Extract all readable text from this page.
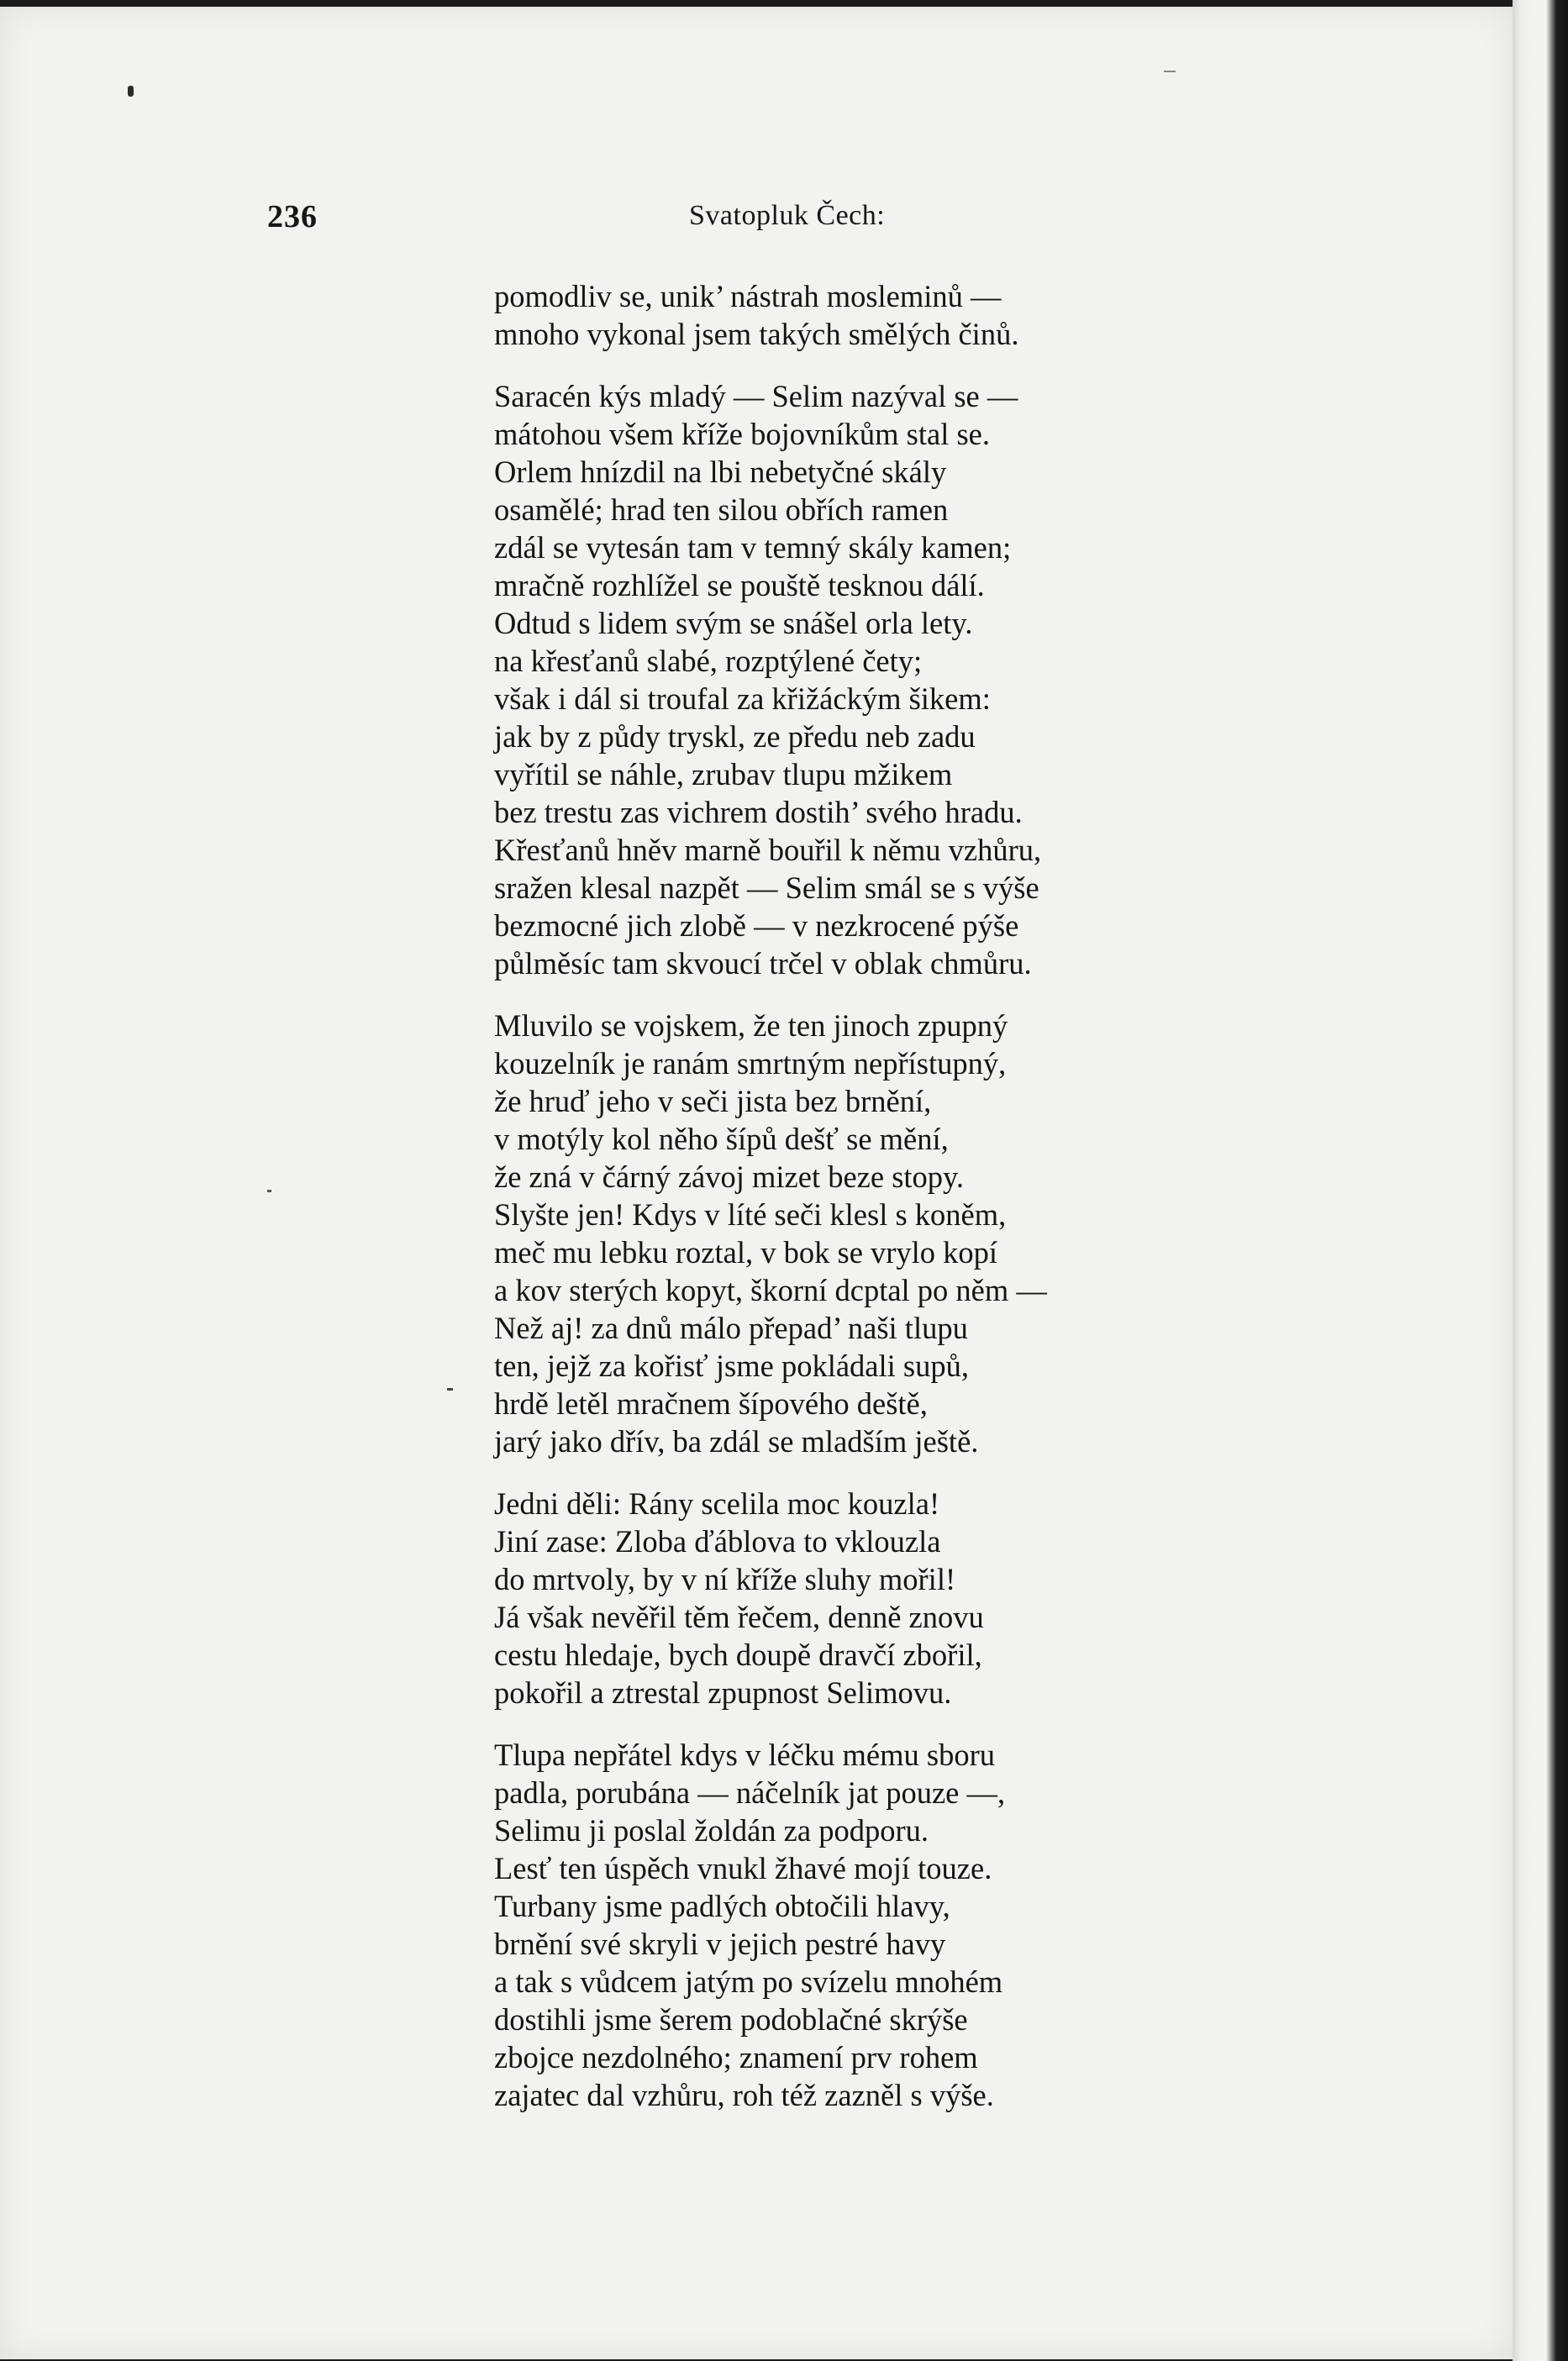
236	Svatopluk Čech:
pomodliv se, unik’ nástrah mosleminů —
mnoho vykonal jsem takých smělých činů.
Saracén kýs mladý — Selim nazýval se —
mátohou všem kříže bojovníkům stal se.
Orlem hnízdil na lbi nebetyčné skály
osamělé; hrad ten silou obřích ramen
zdál se vytesán tam v temný skály kamen;
mračně rozhlížel se pouště tesknou dálí.
Odtud s lidem svým se snášel orla lety.
na křesťanů slabé, rozptýlené čety;
však i dál si troufal za křižáckým šikem:
jak by z půdy tryskl, ze předu neb zadu
vyřítil se náhle, zrubav tlupu mžikem
bez trestu zas vichrem dostih’ svého hradu.
Křesťanů hněv marně bouřil k němu vzhůru,
sražen klesal nazpět — Selim smál se s výše
bezmocné jich zlobě — v nezkrocené pýše
půlměsíc tam skvoucí trčel v oblak chmůru.
Mluvilo se vojskem, že ten jinoch zpupný
kouzelník je ranám smrtným nepřístupný,
že hruď jeho v seči jista bez brnění,
v motýly kol něho šípů dešť se mění,
že zná v čárný závoj mizet beze stopy.
Slyšte jen! Kdys v líté seči klesl s koněm,
meč mu lebku roztal, v bok se vrylo kopí
a kov sterých kopyt, škorní dcptal po něm —
Než aj! za dnů málo přepad’ naši tlupu
ten, jejž za kořisť jsme pokládali supů,
hrdě letěl mračnem šípového deště,
jarý jako dřív, ba zdál se mladším ještě.
Jedni děli: Rány scelila moc kouzla!
Jiní zase: Zloba ďáblova to vklouzla
do mrtvoly, by v ní kříže sluhy mořil!
Já však nevěřil těm řečem, denně znovu
cestu hledaje, bych doupě dravčí zbořil,
pokořil a ztrestal zpupnost Selimovu.
Tlupa nepřátel kdys v léčku mému sboru
padla, porubána — náčelník jat pouze —,
Selimu ji poslal žoldán za podporu.
Lesť ten úspěch vnukl žhavé mojí touze.
Turbany jsme padlých obtočili hlavy,
brnění své skryli v jejich pestré havy
a tak s vůdcem jatým po svízelu mnohém
dostihli jsme šerem podoblačné skrýše
zbojce nezdolného; znamení prv rohem
zajatec dal vzhůru, roh též zazněl s výše.
